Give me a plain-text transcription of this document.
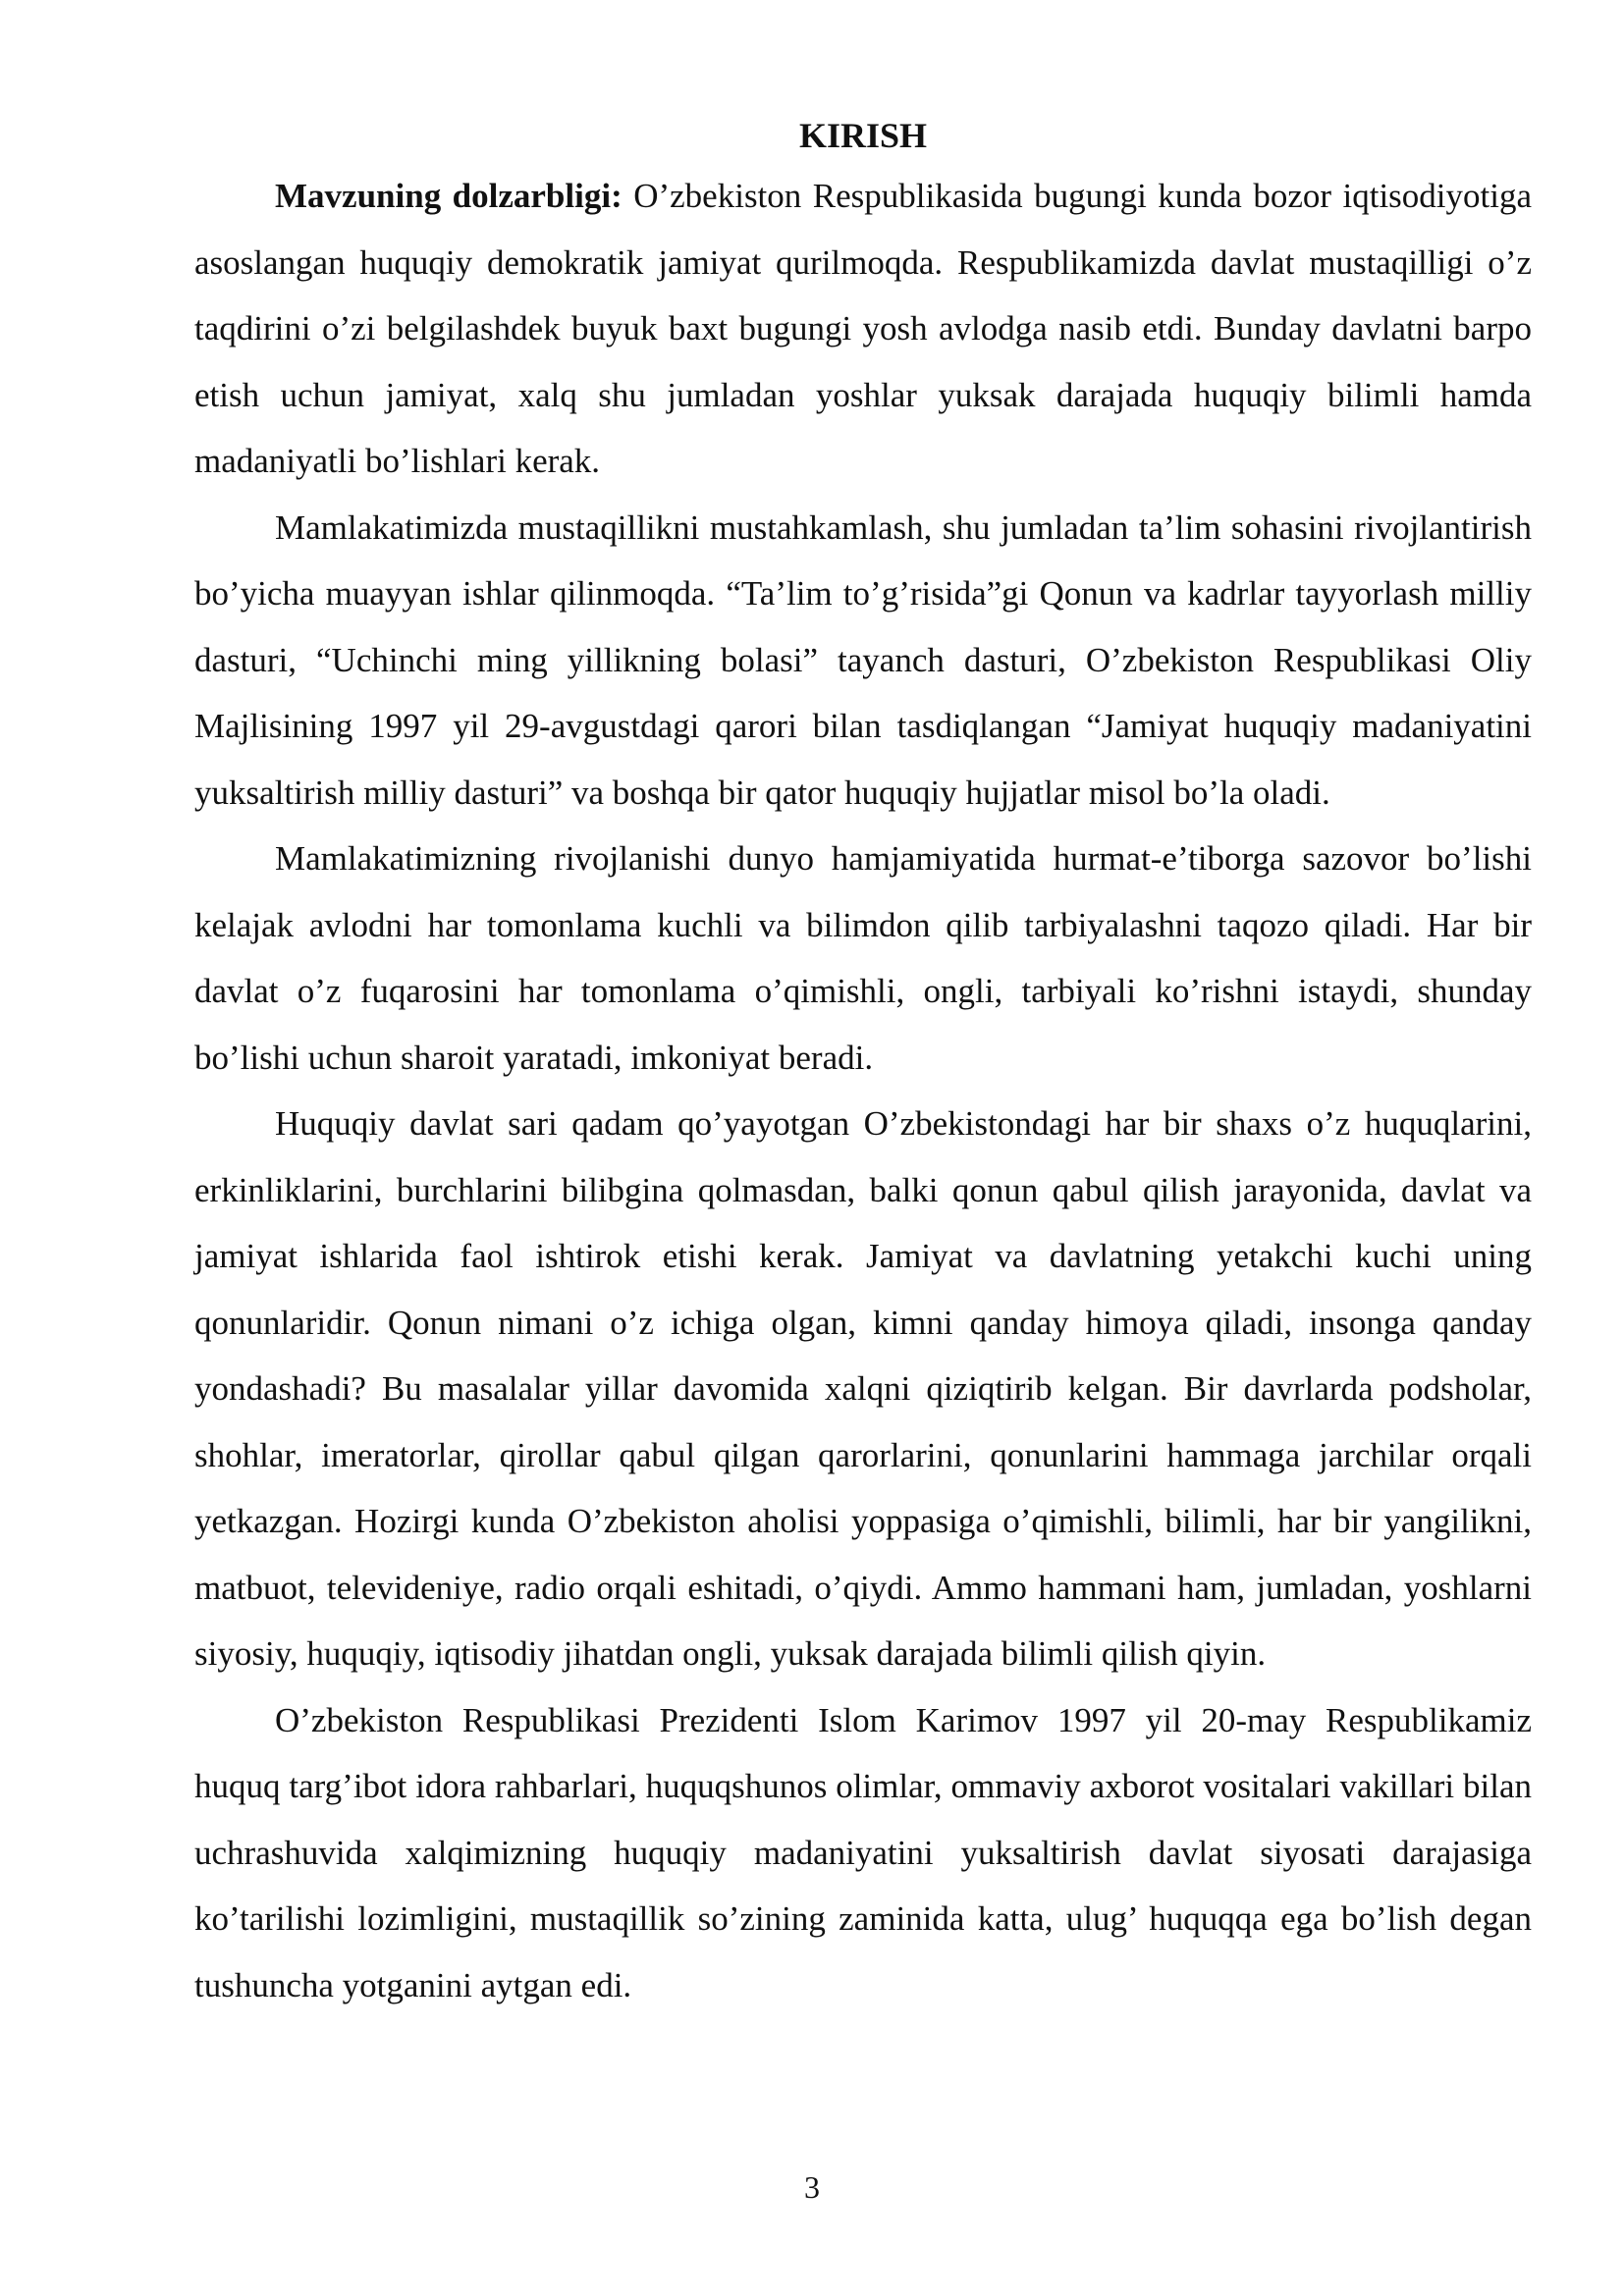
KIRISH

Mavzuning dolzarbligi: O’zbekiston Respublikasida bugungi kunda bozor iqtisodiyotiga asoslangan huquqiy demokratik jamiyat qurilmoqda. Respublikamizda davlat mustaqilligi o’z taqdirini o’zi belgilashdek buyuk baxt bugungi yosh avlodga nasib etdi. Bunday davlatni barpo etish uchun jamiyat, xalq shu jumladan yoshlar yuksak darajada huquqiy bilimli hamda madaniyatli bo’lishlari kerak.

Mamlakatimizda mustaqillikni mustahkamlash, shu jumladan ta’lim sohasini rivojlantirish bo’yicha muayyan ishlar qilinmoqda. “Ta’lim to’g’risida”gi Qonun va kadrlar tayyorlash milliy dasturi, “Uchinchi ming yillikning bolasi” tayanch dasturi, O’zbekiston Respublikasi Oliy Majlisining 1997 yil 29-avgustdagi qarori bilan tasdiqlangan “Jamiyat huquqiy madaniyatini yuksaltirish milliy dasturi” va boshqa bir qator huquqiy hujjatlar misol bo’la oladi.

Mamlakatimizning rivojlanishi dunyo hamjamiyatida hurmat-e’tiborga sazovor bo’lishi kelajak avlodni har tomonlama kuchli va bilimdon qilib tarbiyalashni taqozo qiladi. Har bir davlat o’z fuqarosini har tomonlama o’qimishli, ongli, tarbiyali ko’rishni istaydi, shunday bo’lishi uchun sharoit yaratadi, imkoniyat beradi.

Huquqiy davlat sari qadam qo’yayotgan O’zbekistondagi har bir shaxs o’z huquqlarini, erkinliklarini, burchlarini bilibgina qolmasdan, balki qonun qabul qilish jarayonida, davlat va jamiyat ishlarida faol ishtirok etishi kerak. Jamiyat va davlatning yetakchi kuchi uning qonunlaridir. Qonun nimani o’z ichiga olgan, kimni qanday himoya qiladi, insonga qanday yondashadi? Bu masalalar yillar davomida xalqni qiziqtirib kelgan. Bir davrlarda podsholar, shohlar, imeratorlar, qirollar qabul qilgan qarorlarini, qonunlarini hammaga jarchilar orqali yetkazgan. Hozirgi kunda O’zbekiston aholisi yoppasiga o’qimishli, bilimli, har bir yangilikni, matbuot, televideniye, radio orqali eshitadi, o’qiydi. Ammo hammani ham, jumladan, yoshlarni siyosiy, huquqiy, iqtisodiy jihatdan ongli, yuksak darajada bilimli qilish qiyin.

O’zbekiston Respublikasi Prezidenti Islom Karimov 1997 yil 20-may Respublikamiz huquq targ’ibot idora rahbarlari, huquqshunos olimlar, ommaviy axborot vositalari vakillari bilan uchrashuvida xalqimizning huquqiy madaniyatini yuksaltirish davlat siyosati darajasiga ko’tarilishi lozimligini, mustaqillik so’zining zaminida katta, ulug’ huquqqa ega bo’lish degan tushuncha yotganini aytgan edi.

3
